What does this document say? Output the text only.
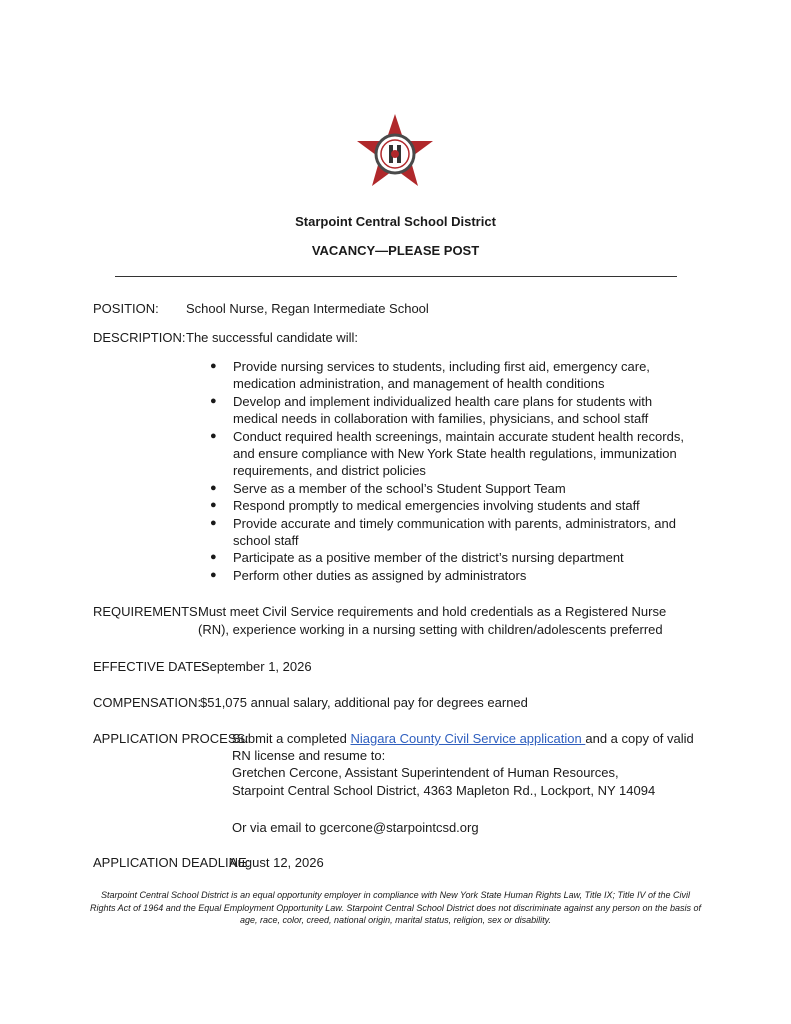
Starpoint Central School District
VACANCY—PLEASE POST
POSITION: School Nurse, Regan Intermediate School
DESCRIPTION:The successful candidate will:
● Provide nursing services to students, including first aid, emergency care, medication administration, and management of health conditions
● Develop and implement individualized health care plans for students with medical needs in collaboration with families, physicians, and school staff
● Conduct required health screenings, maintain accurate student health records, and ensure compliance with New York State health regulations, immunization requirements, and district policies
● Serve as a member of the school’s Student Support Team
● Respond promptly to medical emergencies involving students and staff
● Provide accurate and timely communication with parents, administrators, and school staff
● Participate as a positive member of the district’s nursing department
● Perform other duties as assigned by administrators
REQUIREMENTS:Must meet Civil Service requirements and hold credentials as a Registered Nurse
(RN), experience working in a nursing setting with children/adolescents preferred
EFFECTIVE DATE:September 1, 2026
COMPENSATION:$51,075 annual salary, additional pay for degrees earned
APPLICATION PROCESS:Submit a completed Niagara County Civil Service application and a copy of valid
RN license and resume to:
Gretchen Cercone, Assistant Superintendent of Human Resources,
Starpoint Central School District, 4363 Mapleton Rd., Lockport, NY 14094
Or via email to gcercone@starpointcsd.org
APPLICATION DEADLINE:August 12, 2026
Starpoint Central School District is an equal opportunity employer in compliance with New York State Human Rights Law, Title IX; Title IV of the Civil Rights Act of 1964 and the Equal Employment Opportunity Law. Starpoint Central School District does not discriminate against any person on the basis of age, race, color, creed, national origin, marital status, religion, sex or disability.
